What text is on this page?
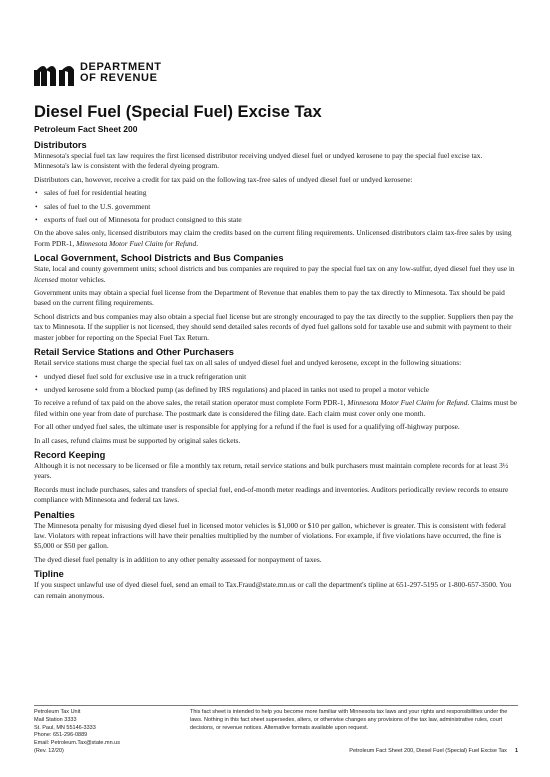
DEPARTMENT
OF REVENUE
Diesel Fuel (Special Fuel) Excise Tax
Petroleum Fact Sheet 200
Distributors

Minnesota's special fuel tax law requires the first licensed distributor receiving undyed diesel fuel or undyed kerosene to pay the special fuel excise tax. Minnesota's law is consistent with the federal dyeing program.

Distributors can, however, receive a credit for tax paid on the following tax-free sales of undyed diesel fuel or undyed kerosene:

• sales of fuel for residential heating
• sales of fuel to the U.S. government
• exports of fuel out of Minnesota for product consigned to this state

On the above sales only, licensed distributors may claim the credits based on the current filing requirements. Unlicensed distributors claim tax-free sales by using Form PDR-1, Minnesota Motor Fuel Claim for Refund.

Local Government, School Districts and Bus Companies

State, local and county government units; school districts and bus companies are required to pay the special fuel tax on any low-sulfur, dyed diesel fuel they use in licensed motor vehicles.

Government units may obtain a special fuel license from the Department of Revenue that enables them to pay the tax directly to Minnesota. Tax should be paid based on the current filing requirements.

School districts and bus companies may also obtain a special fuel license but are strongly encouraged to pay the tax directly to the supplier. Suppliers then pay the tax to Minnesota. If the supplier is not licensed, they should send detailed sales records of dyed fuel gallons sold for taxable use and submit with payment to their master jobber for reporting on the Special Fuel Tax Return.

Retail Service Stations and Other Purchasers

Retail service stations must charge the special fuel tax on all sales of undyed diesel fuel and undyed kerosene, except in the following situations:

• undyed diesel fuel sold for exclusive use in a truck refrigeration unit
• undyed kerosene sold from a blocked pump (as defined by IRS regulations) and placed in tanks not used to propel a motor vehicle

To receive a refund of tax paid on the above sales, the retail station operator must complete Form PDR-1, Minnesota Motor Fuel Claim for Refund. Claims must be filed within one year from date of purchase. The postmark date is considered the filing date. Each claim must cover only one month.

For all other undyed fuel sales, the ultimate user is responsible for applying for a refund if the fuel is used for a qualifying off-highway purpose.

In all cases, refund claims must be supported by original sales tickets.

Record Keeping

Although it is not necessary to be licensed or file a monthly tax return, retail service stations and bulk purchasers must maintain complete records for at least 3½ years.

Records must include purchases, sales and transfers of special fuel, end-of-month meter readings and inventories. Auditors periodically review records to ensure compliance with Minnesota and federal tax laws.

Penalties

The Minnesota penalty for misusing dyed diesel fuel in licensed motor vehicles is $1,000 or $10 per gallon, whichever is greater. This is consistent with federal law. Violators with repeat infractions will have their penalties multiplied by the number of violations. For example, if five violations have occurred, the fine is $5,000 or $50 per gallon.

The dyed diesel fuel penalty is in addition to any other penalty assessed for nonpayment of taxes.

Tipline

If you suspect unlawful use of dyed diesel fuel, send an email to Tax.Fraud@state.mn.us or call the department's tipline at 651-297-5195 or 1-800-657-3500. You can remain anonymous.

Petroleum Tax Unit
Mail Station 3333
St. Paul, MN 55146-3333
Phone: 651-296-0889
Email: Petroleum.Tax@state.mn.us
(Rev. 12/20)
This fact sheet is intended to help you become more familiar with Minnesota tax laws and your rights and responsibilities under the laws. Nothing in this fact sheet supersedes, alters, or otherwise changes any provisions of the tax law, administrative rules, court decisions, or revenue notices. Alternative formats available upon request.
Petroleum Fact Sheet 200, Diesel Fuel (Special) Fuel Excise Tax 1
